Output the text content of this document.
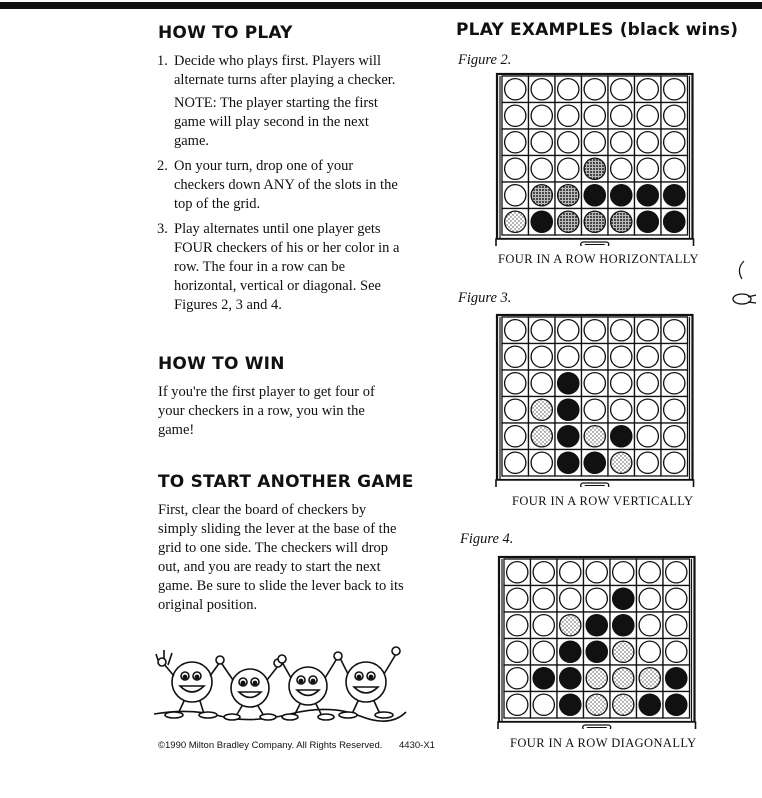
HOW TO PLAY
1. Decide who plays first. Players will alternate turns after playing a checker.
NOTE: The player starting the first game will play second in the next game.
2. On your turn, drop one of your checkers down ANY of the slots in the top of the grid.
3. Play alternates until one player gets FOUR checkers of his or her color in a row. The four in a row can be horizontal, vertical or diagonal. See Figures 2, 3 and 4.
HOW TO WIN

If you're the first player to get four of your checkers in a row, you win the game!

TO START ANOTHER GAME

First, clear the board of checkers by simply sliding the lever at the base of the grid to one side. The checkers will drop out, and you are ready to start the next game. Be sure to slide the lever back to its original position.

©1990 Milton Bradley Company. All Rights Reserved. 4430-X1
PLAY EXAMPLES (black wins)

Figure 2.

FOUR IN A ROW HORIZONTALLY

Figure 3.

FOUR IN A ROW VERTICALLY

Figure 4.

FOUR IN A ROW DIAGONALLY
